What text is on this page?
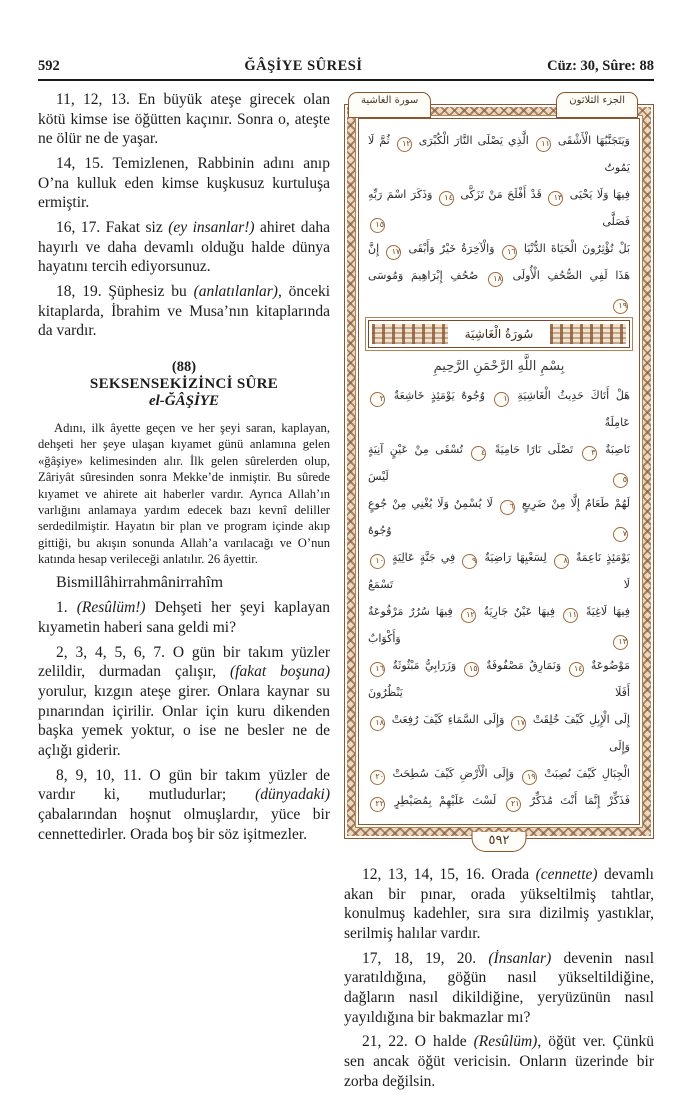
592	ĞÂŞİYE SÛRESİ	Cüz: 30, Sûre: 88

11, 12, 13. En büyük ateşe girecek olan kötü kimse ise öğütten kaçınır. Sonra o, ateşte ne ölür ne de yaşar.

14, 15. Temizlenen, Rabbinin adını anıp O’na kulluk eden kimse kuşkusuz kurtuluşa ermiştir.

16, 17. Fakat siz (ey insanlar!) ahiret daha hayırlı ve daha devamlı olduğu halde dünya hayatını tercih ediyorsunuz.

18, 19. Şüphesiz bu (anlatılanlar), önceki kitaplarda, İbrahim ve Musa’nın kitaplarında da vardır.

(88)
SEKSENSEKİZİNCİ SÛRE
el-ĞÂŞİYE

Adını, ilk âyette geçen ve her şeyi saran, kaplayan, dehşeti her şeye ulaşan kıyamet günü anlamına gelen «ğâşiye» kelimesinden alır. İlk gelen sûrelerden olup, Zâriyât sûresinden sonra Mekke’de inmiştir. Bu sûrede kıyamet ve ahirete ait haberler vardır. Ayrıca Allah’ın varlığını anlamaya yardım edecek bazı kevnî deliller serdedilmiştir. Hayatın bir plan ve program içinde akıp gittiği, bu akışın sonunda Allah’a varılacağı ve O’nun katında hesap verileceği anlatılır. 26 âyettir.

Bismillâhirrahmânirrahîm

1. (Resûlüm!) Dehşeti her şeyi kaplayan kıyametin haberi sana geldi mi?

2, 3, 4, 5, 6, 7. O gün bir takım yüzler zelildir, durmadan çalışır, (fakat boşuna) yorulur, kızgın ateşe girer. Onlara kaynar su pınarından içirilir. Onlar için kuru dikenden başka yemek yoktur, o ise ne besler ne de açlığı giderir.

8, 9, 10, 11. O gün bir takım yüzler de vardır ki, mutludurlar; (dünyadaki) çabalarından hoşnut olmuşlardır, yüce bir cennettedirler. Orada boş bir söz işitmezler.

الجزء الثلاثون
سورة الغاشية
وَيَتَجَنَّبُهَا الْأَشْقَى ١١ الَّذِي يَصْلَى النَّارَ الْكُبْرَى ١٢ ثُمَّ لَا يَمُوتُ
فِيهَا وَلَا يَحْيَى ١٣ قَدْ أَفْلَحَ مَنْ تَزَكَّى ١٤ وَذَكَرَ اسْمَ رَبِّهِ فَصَلَّى ١٥
بَلْ تُؤْثِرُونَ الْحَيَاةَ الدُّنْيَا ١٦ وَالْآخِرَةُ خَيْرٌ وَأَبْقَى ١٧ إِنَّ
هَذَا لَفِي الصُّحُفِ الْأُولَى ١٨ صُحُفِ إِبْرَاهِيمَ وَمُوسَى ١٩
سُورَةُ الْغَاشِيَة
بِسْمِ اللَّهِ الرَّحْمَنِ الرَّحِيمِ
هَلْ أَتَاكَ حَدِيثُ الْغَاشِيَةِ ١ وُجُوهٌ يَوْمَئِذٍ خَاشِعَةٌ ٢ عَامِلَةٌ
نَاصِبَةٌ ٣ تَصْلَى نَارًا حَامِيَةً ٤ تُسْقَى مِنْ عَيْنٍ آنِيَةٍ ٥ لَيْسَ
لَهُمْ طَعَامٌ إِلَّا مِنْ ضَرِيعٍ ٦ لَا يُسْمِنُ وَلَا يُغْنِي مِنْ جُوعٍ ٧ وُجُوهٌ
يَوْمَئِذٍ نَاعِمَةٌ ٨ لِسَعْيِهَا رَاضِيَةٌ ٩ فِي جَنَّةٍ عَالِيَةٍ ١٠ لَا تَسْمَعُ
فِيهَا لَاغِيَةً ١١ فِيهَا عَيْنٌ جَارِيَةٌ ١٢ فِيهَا سُرُرٌ مَرْفُوعَةٌ ١٣ وَأَكْوَابٌ
مَوْضُوعَةٌ ١٤ وَنَمَارِقُ مَصْفُوفَةٌ ١٥ وَزَرَابِيُّ مَبْثُوثَةٌ ١٦ أَفَلَا يَنْظُرُونَ
إِلَى الْإِبِلِ كَيْفَ خُلِقَتْ ١٧ وَإِلَى السَّمَاءِ كَيْفَ رُفِعَتْ ١٨ وَإِلَى
الْجِبَالِ كَيْفَ نُصِبَتْ ١٩ وَإِلَى الْأَرْضِ كَيْفَ سُطِحَتْ ٢٠
فَذَكِّرْ إِنَّمَا أَنْتَ مُذَكِّرٌ ٢١ لَسْتَ عَلَيْهِمْ بِمُصَيْطِرٍ ٢٢
٥٩٢

12, 13, 14, 15, 16. Orada (cennette) devamlı akan bir pınar, orada yükseltilmiş tahtlar, konulmuş kadehler, sıra sıra dizilmiş yastıklar, serilmiş halılar vardır.

17, 18, 19, 20. (İnsanlar) devenin nasıl yaratıldığına, göğün nasıl yükseltildiğine, dağların nasıl dikildiğine, yeryüzünün nasıl yayıldığına bir bakmazlar mı?

21, 22. O halde (Resûlüm), öğüt ver. Çünkü sen ancak öğüt vericisin. Onların üzerinde bir zorba değilsin.
